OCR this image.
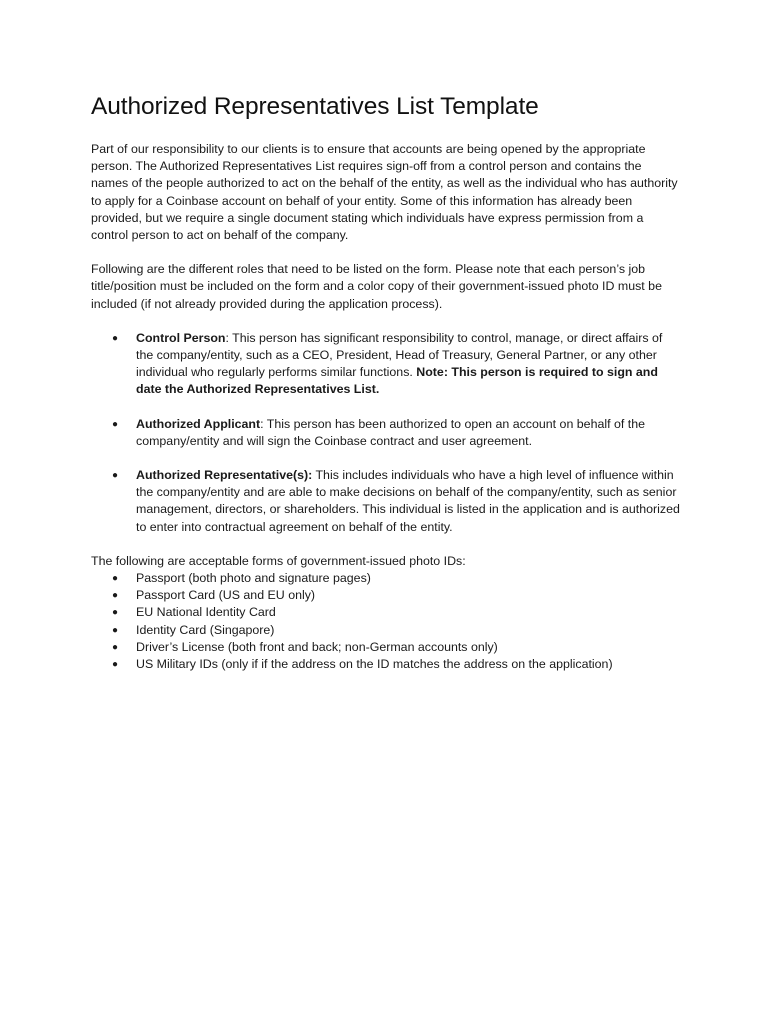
Authorized Representatives List Template

Part of our responsibility to our clients is to ensure that accounts are being opened by the appropriate person. The Authorized Representatives List requires sign-off from a control person and contains the names of the people authorized to act on the behalf of the entity, as well as the individual who has authority to apply for a Coinbase account on behalf of your entity. Some of this information has already been provided, but we require a single document stating which individuals have express permission from a control person to act on behalf of the company.

Following are the different roles that need to be listed on the form. Please note that each person’s job title/position must be included on the form and a color copy of their government-issued photo ID must be included (if not already provided during the application process).

● Control Person: This person has significant responsibility to control, manage, or direct affairs of the company/entity, such as a CEO, President, Head of Treasury, General Partner, or any other individual who regularly performs similar functions. Note: This person is required to sign and date the Authorized Representatives List.
● Authorized Applicant: This person has been authorized to open an account on behalf of the company/entity and will sign the Coinbase contract and user agreement.
● Authorized Representative(s): This includes individuals who have a high level of influence within the company/entity and are able to make decisions on behalf of the company/entity, such as senior management, directors, or shareholders. This individual is listed in the application and is authorized to enter into contractual agreement on behalf of the entity.

The following are acceptable forms of government-issued photo IDs:

● Passport (both photo and signature pages)
● Passport Card (US and EU only)
● EU National Identity Card
● Identity Card (Singapore)
● Driver’s License (both front and back; non-German accounts only)
● US Military IDs (only if if the address on the ID matches the address on the application)
